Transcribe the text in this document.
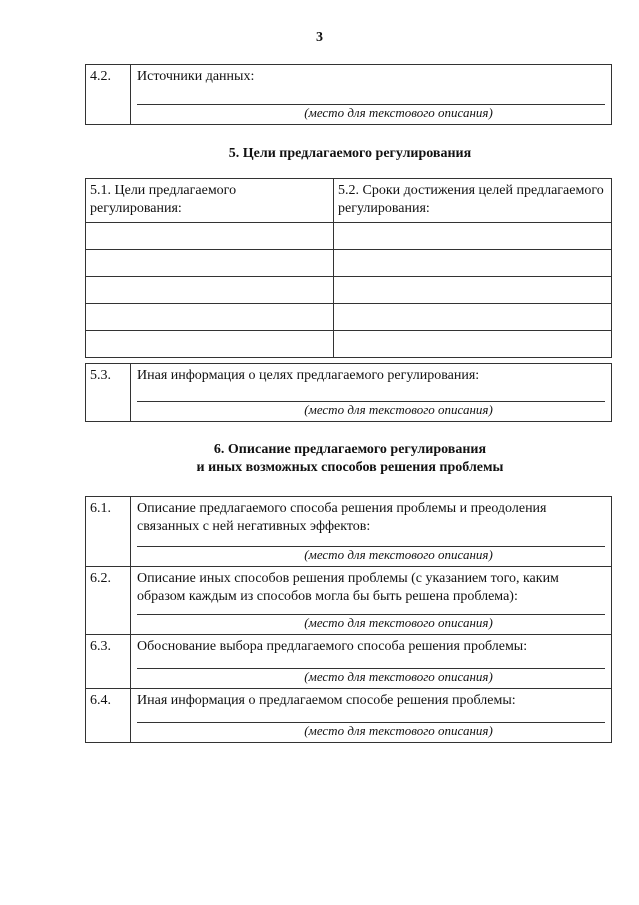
3
4.2.	Источники данных:
(место для текстового описания)
5. Цели предлагаемого регулирования
5.1. Цели предлагаемого регулирования:	5.2. Сроки достижения целей предлагаемого регулирования:

5.3.	Иная информация о целях предлагаемого регулирования:
(место для текстового описания)
6. Описание предлагаемого регулирования
и иных возможных способов решения проблемы
6.1.	Описание предлагаемого способа решения проблемы и преодоления связанных с ней негативных эффектов:
(место для текстового описания)

6.2.	Описание иных способов решения проблемы (с указанием того, каким образом каждым из способов могла бы быть решена проблема):
(место для текстового описания)

6.3.	Обоснование выбора предлагаемого способа решения проблемы:
(место для текстового описания)

6.4.	Иная информация о предлагаемом способе решения проблемы:
(место для текстового описания)
